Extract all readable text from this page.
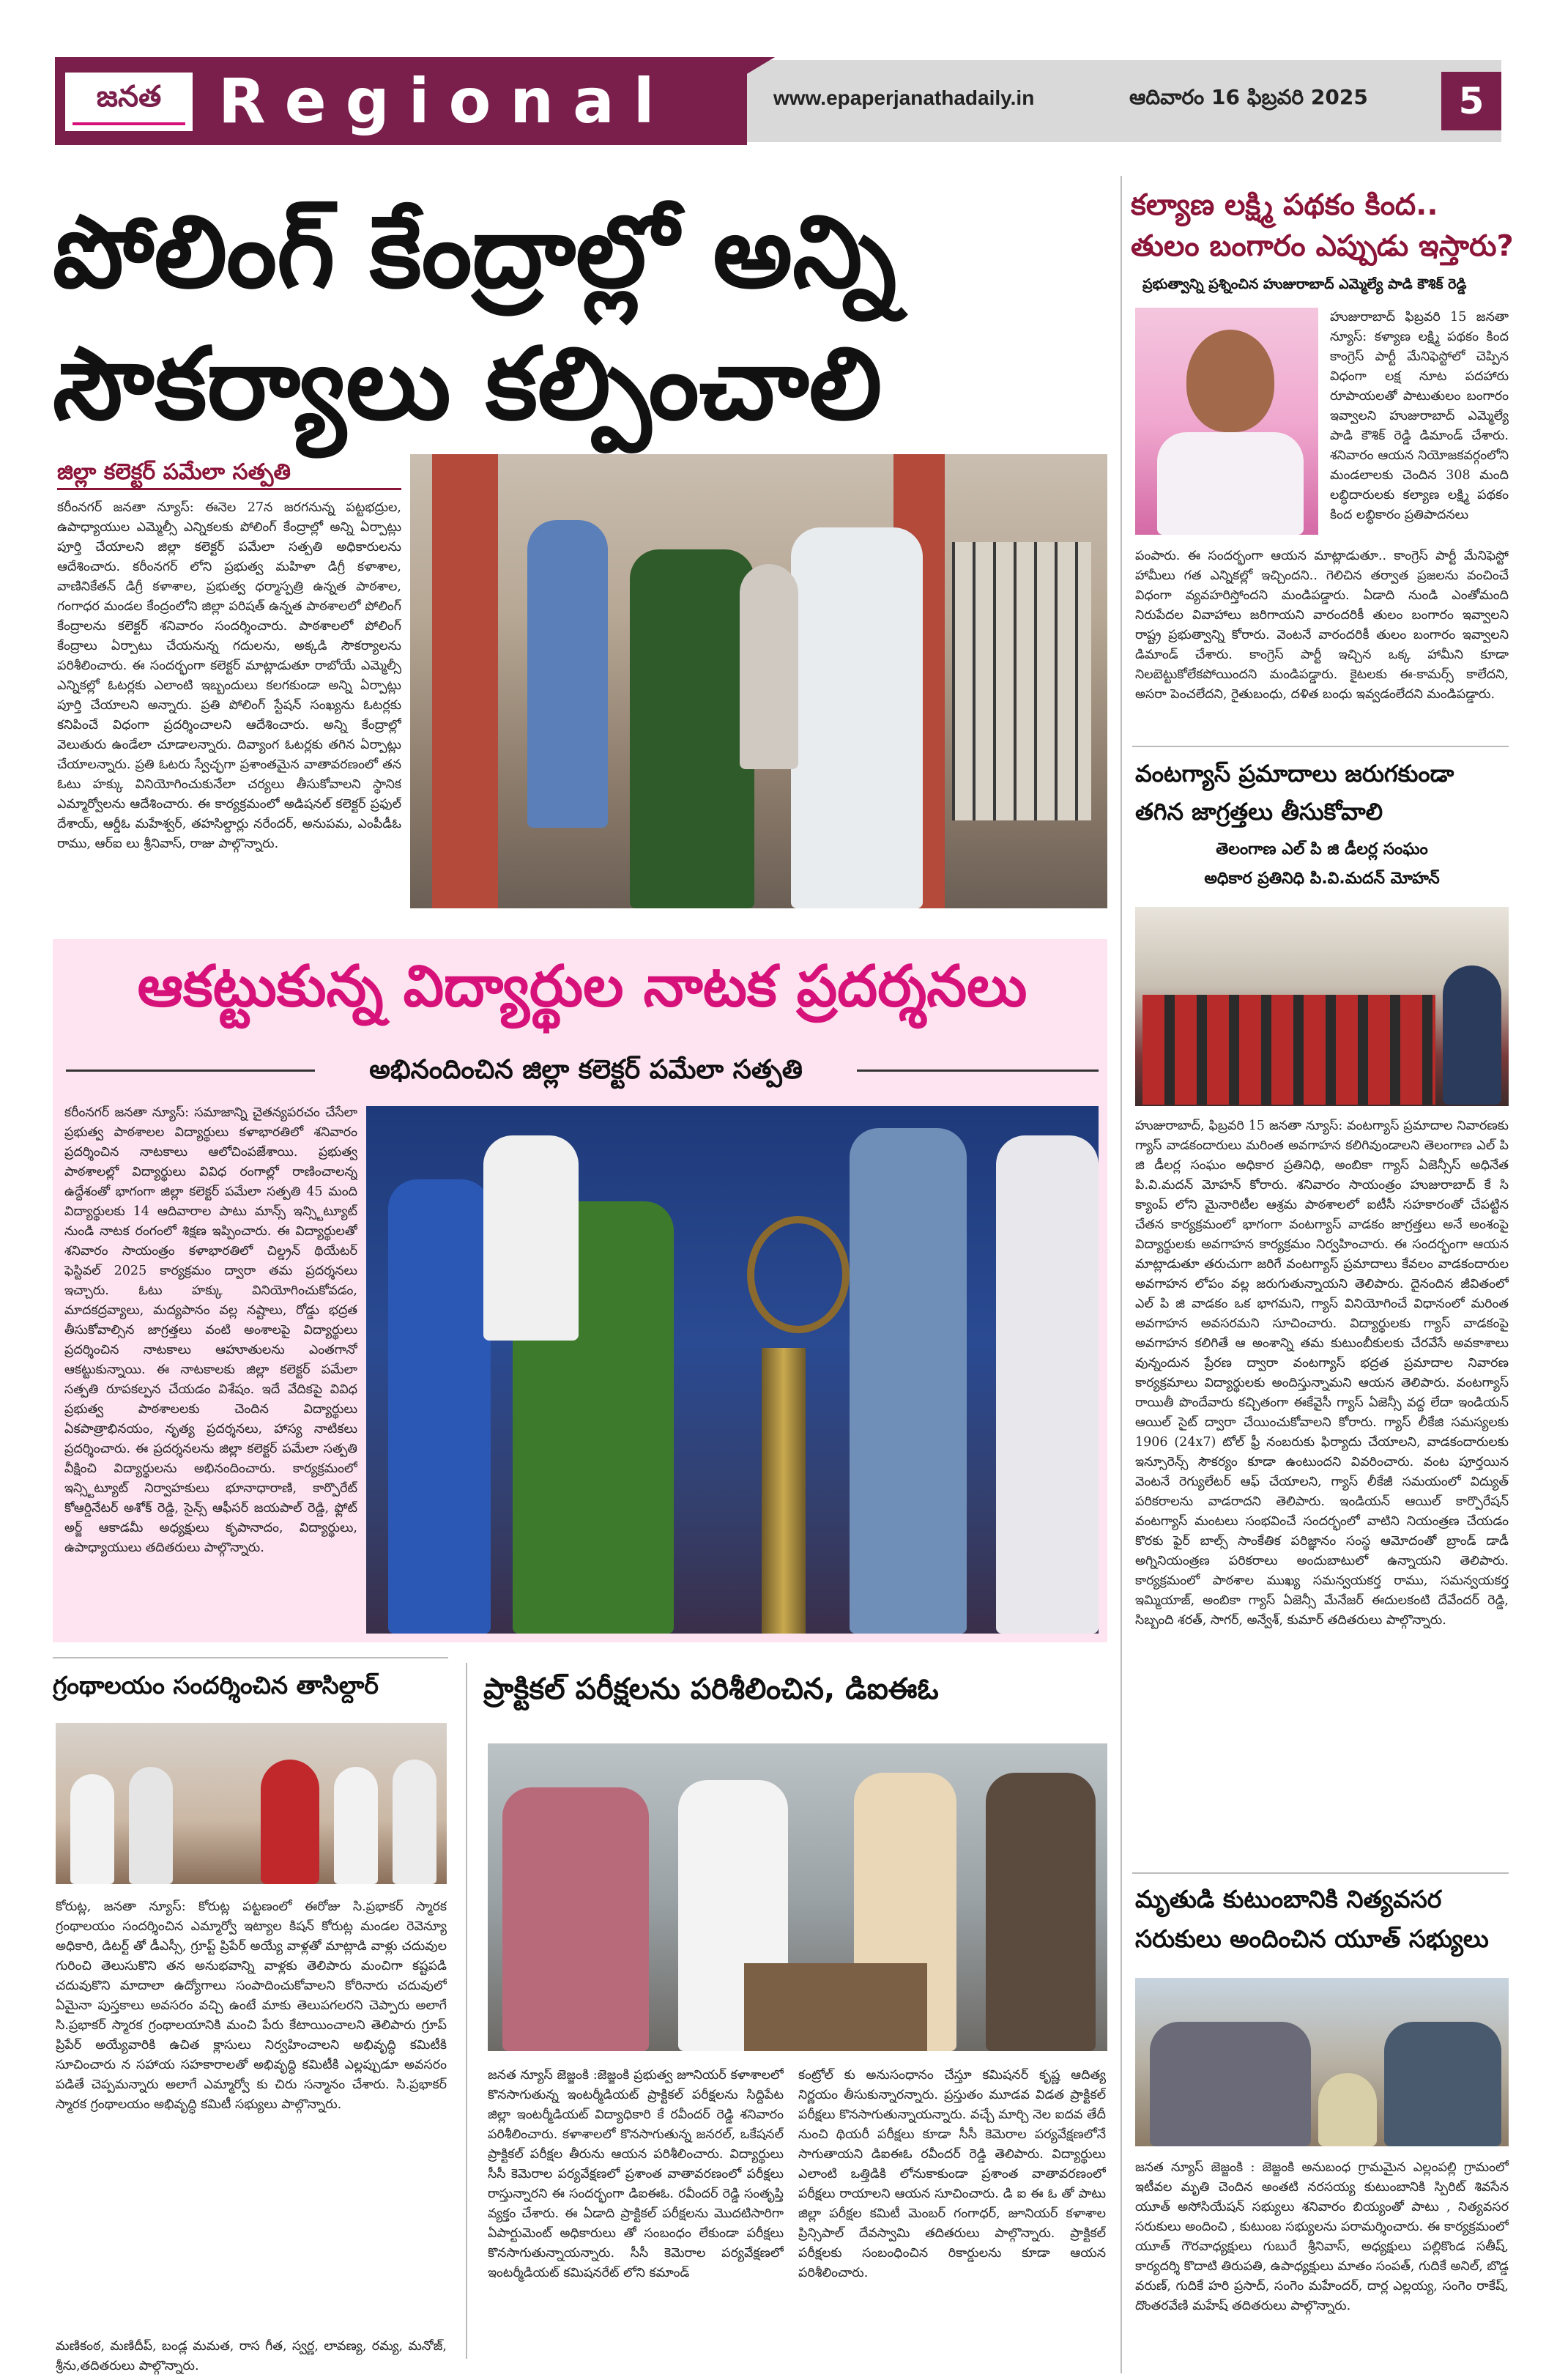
జనత Regional	www.epaperjanathadaily.in	ఆదివారం 16 ఫిబ్రవరి 2025	5
పోలింగ్ కేంద్రాల్లో అన్ని
సౌకర్యాలు కల్పించాలి
జిల్లా కలెక్టర్ పమేలా సత్పతి

కరీంనగర్ జనతా న్యూస్: ఈనెల 27న జరగనున్న పట్టభద్రుల, ఉపాధ్యాయుల ఎమ్మెల్సీ ఎన్నికలకు పోలింగ్ కేంద్రాల్లో అన్ని ఏర్పాట్లు పూర్తి చేయాలని జిల్లా కలెక్టర్ పమేలా సత్పతి అధికారులను ఆదేశించారు. కరీంనగర్ లోని ప్రభుత్వ మహిళా డిగ్రీ కళాశాల, వాణినికేతన్ డిగ్రీ కళాశాల, ప్రభుత్వ ధర్మాస్పత్రి ఉన్నత పాఠశాల, గంగాధర మండల కేంద్రంలోని జిల్లా పరిషత్ ఉన్నత పాఠశాలలో పోలింగ్ కేంద్రాలను కలెక్టర్ శనివారం సందర్శించారు. పాఠశాలలో పోలింగ్ కేంద్రాలు ఏర్పాటు చేయనున్న గదులను, అక్కడి సౌకర్యాలను పరిశీలించారు. ఈ సందర్భంగా కలెక్టర్ మాట్లాడుతూ రాబోయే ఎమ్మెల్సీ ఎన్నికల్లో ఓటర్లకు ఎలాంటి ఇబ్బందులు కలగకుండా అన్ని ఏర్పాట్లు పూర్తి చేయాలని అన్నారు. ప్రతి పోలింగ్ స్టేషన్ సంఖ్యను ఓటర్లకు కనిపించే విధంగా ప్రదర్శించాలని ఆదేశించారు. అన్ని కేంద్రాల్లో వెలుతురు ఉండేలా చూడాలన్నారు. దివ్యాంగ ఓటర్లకు తగిన ఏర్పాట్లు చేయాలన్నారు. ప్రతి ఓటరు స్వేచ్ఛగా ప్రశాంతమైన వాతావరణంలో తన ఓటు హక్కు వినియోగించుకునేలా చర్యలు తీసుకోవాలని స్థానిక ఎమ్మార్వోలను ఆదేశించారు. ఈ కార్యక్రమంలో అడిషనల్ కలెక్టర్ ప్రఫుల్ దేశాయ్, ఆర్డీఓ మహేశ్వర్, తహసిల్దార్లు నరేందర్, అనుపమ, ఎంపీడీఓ రాము, ఆర్ఐ లు శ్రీనివాస్, రాజు పాల్గొన్నారు.

ఆకట్టుకున్న విద్యార్థుల నాటక ప్రదర్శనలు
అభినందించిన జిల్లా కలెక్టర్ పమేలా సత్పతి

కరీంనగర్ జనతా న్యూస్: సమాజాన్ని చైతన్యపరచం చేసేలా ప్రభుత్వ పాఠశాలల విద్యార్థులు కళాభారతిలో శనివారం ప్రదర్శించిన నాటకాలు ఆలోచింపజేశాయి. ప్రభుత్వ పాఠశాలల్లో విద్యార్థులు వివిధ రంగాల్లో రాణించాలన్న ఉద్దేశంతో భాగంగా జిల్లా కలెక్టర్ పమేలా సత్పతి 45 మంది విద్యార్థులకు 14 ఆదివారాల పాటు మాన్స్ ఇన్స్టిట్యూట్ నుండి నాటక రంగంలో శిక్షణ ఇప్పించారు. ఈ విద్యార్థులతో శనివారం సాయంత్రం కళాభారతిలో చిల్డ్రన్ థియేటర్ ఫెస్టివల్ 2025 కార్యక్రమం ద్వారా తమ ప్రదర్శనలు ఇచ్చారు. ఓటు హక్కు వినియోగించుకోవడం, మాదకద్రవ్యాలు, మద్యపానం వల్ల నష్టాలు, రోడ్డు భద్రత తీసుకోవాల్సిన జాగ్రత్తలు వంటి అంశాలపై విద్యార్థులు ప్రదర్శించిన నాటకాలు ఆహూతులను ఎంతగానో ఆకట్టుకున్నాయి. ఈ నాటకాలకు జిల్లా కలెక్టర్ పమేలా సత్పతి రూపకల్పన చేయడం విశేషం. ఇదే వేదికపై వివిధ ప్రభుత్వ పాఠశాలలకు చెందిన విద్యార్థులు ఏకపాత్రాభినయం, నృత్య ప్రదర్శనలు, హాస్య నాటికలు ప్రదర్శించారు. ఈ ప్రదర్శనలను జిల్లా కలెక్టర్ పమేలా సత్పతి వీక్షించి విద్యార్థులను అభినందించారు. కార్యక్రమంలో ఇన్స్టిట్యూట్ నిర్వాహకులు భూనాధారాణి, కార్పొరేట్ కోఆర్డినేటర్ అశోక్ రెడ్డి, సైన్స్ ఆఫీసర్ జయపాల్ రెడ్డి, ఫ్లోట్ అర్జ్ ఆకాడమీ అధ్యక్షులు కృపానాదం, విద్యార్థులు, ఉపాధ్యాయులు తదితరులు పాల్గొన్నారు.

గ్రంథాలయం సందర్శించిన తాసిల్దార్

కోరుట్ల, జనతా న్యూస్: కోరుట్ల పట్టణంలో ఈరోజు సి.ప్రభాకర్ స్మారక గ్రంథాలయం సందర్శించిన ఎమ్మార్వో ఇట్యాల కిషన్ కోరుట్ల మండల రెవెన్యూ అధికారి, డిటర్ట్ తో డీఎస్సీ, గ్రూప్ట్ ప్రిపేర్ అయ్యే వాళ్లతో మాట్లాడి వాళ్లు చదువుల గురించి తెలుసుకొని తన అనుభవాన్ని వాళ్లకు తెలిపారు మంచిగా కష్టపడి చదువుకొని మాదాలా ఉద్యోగాలు సంపాదించుకోవాలని కోరినారు చదువులో ఏమైనా పుస్తకాలు అవసరం వచ్చి ఉంటే మాకు తెలుపగలరని చెప్పారు అలాగే సి.ప్రభాకర్ స్మారక గ్రంథాలయానికి మంచి పేరు కేటాయించాలని తెలిపారు గ్రూప్ ప్రిపేర్ అయ్యేవారికి ఉచిత క్లాసులు నిర్వహించాలని అభివృద్ధి కమిటీకి సూచించారు న సహాయ సహకారాలతో అభివృద్ధి కమిటీకి ఎల్లప్పుడూ అవసరం పడితే చెప్పమన్నారు అలాగే ఎమ్మార్వో కు చిరు సన్మానం చేశారు. సి.ప్రభాకర్ స్మారక గ్రంథాలయం అభివృద్ధి కమిటీ సభ్యులు పాల్గొన్నారు.

మణికంఠ, మణిదీప్, బండ్ల మమత, రాస గీత, స్వర్ణ, లావణ్య, రమ్య, మనోజ్, శ్రీను,తదితరులు పాల్గొన్నారు.

ప్రాక్టికల్ పరీక్షలను పరిశీలించిన, డిఐఈఓ

జనత న్యూస్ జెజ్జంకి :జెజ్జంకి ప్రభుత్వ జూనియర్ కళాశాలలో కొనసాగుతున్న ఇంటర్మీడియట్ ప్రాక్టికల్ పరీక్షలను సిద్దిపేట జిల్లా ఇంటర్మీడియట్ విద్యాధికారి కే రవీందర్ రెడ్డి శనివారం పరిశీలించారు. కళాశాలలో కొనసాగుతున్న జనరల్, ఒకేషనల్ ప్రాక్టికల్ పరీక్షల తీరును ఆయన పరిశీలించారు. విద్యార్థులు సీసీ కెమెరాల పర్యవేక్షణలో ప్రశాంత వాతావరణంలో పరీక్షలు రాస్తున్నారని ఈ సందర్భంగా డిఐఈఓ. రవీందర్ రెడ్డి సంతృప్తి వ్యక్తం చేశారు. ఈ ఏడాది ప్రాక్టికల్ పరీక్షలను మొదటిసారిగా ఏపార్టుమెంట్ అధికారులు తో సంబంధం లేకుండా పరీక్షలు కొనసాగుతున్నాయన్నారు. సీసీ కెమెరాల పర్యవేక్షణలో ఇంటర్మీడియట్ కమిషనరేట్ లోని కమాండ్

కంట్రోల్ కు అనుసంధానం చేస్తూ కమిషనర్ కృష్ణ ఆదిత్య నిర్ణయం తీసుకున్నారన్నారు. ప్రస్తుతం మూడవ విడత ప్రాక్టికల్ పరీక్షలు కొనసాగుతున్నాయన్నారు. వచ్చే మార్చి నెల ఐదవ తేదీ నుంచి థియరీ పరీక్షలు కూడా సీసీ కెమెరాల పర్యవేక్షణలోనే సాగుతాయని డిఐఈఓ రవీందర్ రెడ్డి తెలిపారు. విద్యార్థులు ఎలాంటి ఒత్తిడికి లోనుకాకుండా ప్రశాంత వాతావరణంలో పరీక్షలు రాయాలని ఆయన సూచించారు. డి ఐ ఈ ఓ తో పాటు జిల్లా పరీక్షల కమిటీ మెంబర్ గంగాధర్, జూనియర్ కళాశాల ప్రిన్సిపాల్ దేవస్వామి తదితరులు పాల్గొన్నారు. ప్రాక్టికల్ పరీక్షలకు సంబంధించిన రికార్డులను కూడా ఆయన పరిశీలించారు.

కల్యాణ లక్ష్మి పథకం కింద..
తులం బంగారం ఎప్పుడు ఇస్తారు?
ప్రభుత్వాన్ని ప్రశ్నించిన హుజురాబాద్ ఎమ్మెల్యే పాడి కౌశిక్ రెడ్డి

హుజురాబాద్ ఫిబ్రవరి 15 జనతా న్యూస్: కళ్యాణ లక్ష్మి పథకం కింద కాంగ్రెస్ పార్టీ మేనిఫెస్టోలో చెప్పిన విధంగా లక్ష నూట పదహారు రూపాయలతో పాటుతులం బంగారం ఇవ్వాలని హుజురాబాద్ ఎమ్మెల్యే పాడి కౌశిక్ రెడ్డి డిమాండ్ చేశారు. శనివారం ఆయన నియోజకవర్గంలోని మండలాలకు చెందిన 308 మంది లబ్ధిదారులకు కల్యాణ లక్ష్మి పథకం కింద లబ్ధికారం ప్రతిపాదనలు

పంపారు. ఈ సందర్భంగా ఆయన మాట్లాడుతూ.. కాంగ్రెస్ పార్టీ మేనిఫెస్టో హామీలు గత ఎన్నికల్లో ఇచ్చిందని.. గెలిచిన తర్వాత ప్రజలను వంచించే విధంగా వ్యవహరిస్తోందని మండిపడ్డారు. ఏడాది నుండి ఎంతోమంది నిరుపేదల వివాహాలు జరిగాయని వారందరికీ తులం బంగారం ఇవ్వాలని రాష్ట్ర ప్రభుత్వాన్ని కోరారు. వెంటనే వారందరికీ తులం బంగారం ఇవ్వాలని డిమాండ్ చేశారు. కాంగ్రెస్ పార్టీ ఇచ్చిన ఒక్క హామీని కూడా నిలబెట్టుకోలేకపోయిందని మండిపడ్డారు. కైటలకు ఈ-కామర్స్ కాలేదని, అసరా పెంచలేదని, రైతుబంధు, దళిత బంధు ఇవ్వడంలేదని మండిపడ్డారు.

వంటగ్యాస్ ప్రమాదాలు జరుగకుండా
తగిన జాగ్రత్తలు తీసుకోవాలి
తెలంగాణ ఎల్ పి జి డీలర్ల సంఘం
అధికార ప్రతినిధి పి.వి.మదన్ మోహన్

హుజురాబాద్, ఫిబ్రవరి 15 జనతా న్యూస్: వంటగ్యాస్ ప్రమాదాల నివారణకు గ్యాస్ వాడకందారులు మరింత అవగాహన కలిగివుండాలని తెలంగాణ ఎల్ పి జి డీలర్ల సంఘం అధికార ప్రతినిధి, అంబికా గ్యాస్ ఏజెన్సీస్ అధినేత పి.వి.మదన్ మోహన్ కోరారు. శనివారం సాయంత్రం హుజురాబాద్ కే సి క్యాంప్ లోని మైనారిటీల ఆశ్రమ పాఠశాలలో ఐటీసీ సహకారంతో చేపట్టిన చేతన కార్యక్రమంలో భాగంగా వంటగ్యాస్ వాడకం జాగ్రత్తలు అనే అంశంపై విద్యార్థులకు అవగాహన కార్యక్రమం నిర్వహించారు. ఈ సందర్భంగా ఆయన మాట్లాడుతూ తరుచుగా జరిగే వంటగ్యాస్ ప్రమాదాలు కేవలం వాడకందారుల అవగాహన లోపం వల్ల జరుగుతున్నాయని తెలిపారు. దైనందిన జీవితంలో ఎల్ పి జి వాడకం ఒక భాగమని, గ్యాస్ వినియోగించే విధానంలో మరింత అవగాహన అవసరమని సూచించారు. విద్యార్థులకు గ్యాస్ వాడకంపై అవగాహన కలిగితే ఆ అంశాన్ని తమ కుటుంబీకులకు చేరవేసే అవకాశాలు వున్నందున ప్రేరణ ద్వారా వంటగ్యాస్ భద్రత ప్రమాదాల నివారణ కార్యక్రమాలు విద్యార్థులకు అందిస్తున్నామని ఆయన తెలిపారు. వంటగ్యాస్ రాయితీ పొందేవారు కచ్చితంగా ఈకేవైసీ గ్యాస్ ఏజెన్సీ వద్ద లేదా ఇండియన్ ఆయిల్ సైట్ ద్వారా చేయించుకోవాలని కోరారు. గ్యాస్ లీకేజి సమస్యలకు 1906 (24x7) టోల్ ఫ్రీ నంబరుకు ఫిర్యాదు చేయాలని, వాడకందారులకు ఇన్సూరెన్స్ సౌకర్యం కూడా ఉంటుందని వివరించారు. వంట పూర్తయిన వెంటనే రెగ్యులేటర్ ఆఫ్ చేయాలని, గ్యాస్ లీకేజీ సమయంలో విద్యుత్ పరికరాలను వాడరాదని తెలిపారు. ఇండియన్ ఆయిల్ కార్పొరేషన్ వంటగ్యాస్ మంటలు సంభవించే సందర్భంలో వాటిని నియంత్రణ చేయడం కొరకు ఫైర్ బాల్స్ సాంకేతిక పరిజ్ఞానం సంస్థ ఆమోదంతో బ్రాండ్ డాడీ అగ్నినియంత్రణ పరికరాలు అందుబాటులో ఉన్నాయని తెలిపారు. కార్యక్రమంలో పాఠశాల ముఖ్య సమన్వయకర్త రాము, సమన్వయకర్త ఇమ్మియాజ్, అంబికా గ్యాస్ ఏజెన్సీ మేనేజర్ ఈదులకంటి దేవేందర్ రెడ్డి, సిబ్బంది శరత్, సాగర్, అన్వేశ్, కుమార్ తదితరులు పాల్గొన్నారు.

మృతుడి కుటుంబానికి నిత్యవసర
సరుకులు అందించిన యూత్ సభ్యులు

జనత న్యూస్ జెజ్జంకి : జెజ్జంకి అనుబంధ గ్రామమైన ఎల్లంపల్లి గ్రామంలో ఇటీవల మృతి చెందిన అంతటి నరసయ్య కుటుంబానికి స్పిరిట్ శివసేన యూత్ అసోసియేషన్ సభ్యులు శనివారం బియ్యంతో పాటు , నిత్యవసర సరుకులు అందించి , కుటుంబ సభ్యులను పరామర్శించారు. ఈ కార్యక్రమంలో యూత్ గౌరవాధ్యక్షులు గుబురే శ్రీనివాస్, అధ్యక్షులు పల్లికొండ సతీష్, కార్యదర్శి కొదాటి తిరుపతి, ఉపాధ్యక్షులు మాతం సంపత్, గుదికే అనిల్, బొడ్డ వరుణ్, గుదికే హరి ప్రసాద్, సంగెం మహేందర్, దార్ల ఎల్లయ్య, సంగెం రాకేష్, దొంతరవేణి మహేష్ తదితరులు పాల్గొన్నారు.
